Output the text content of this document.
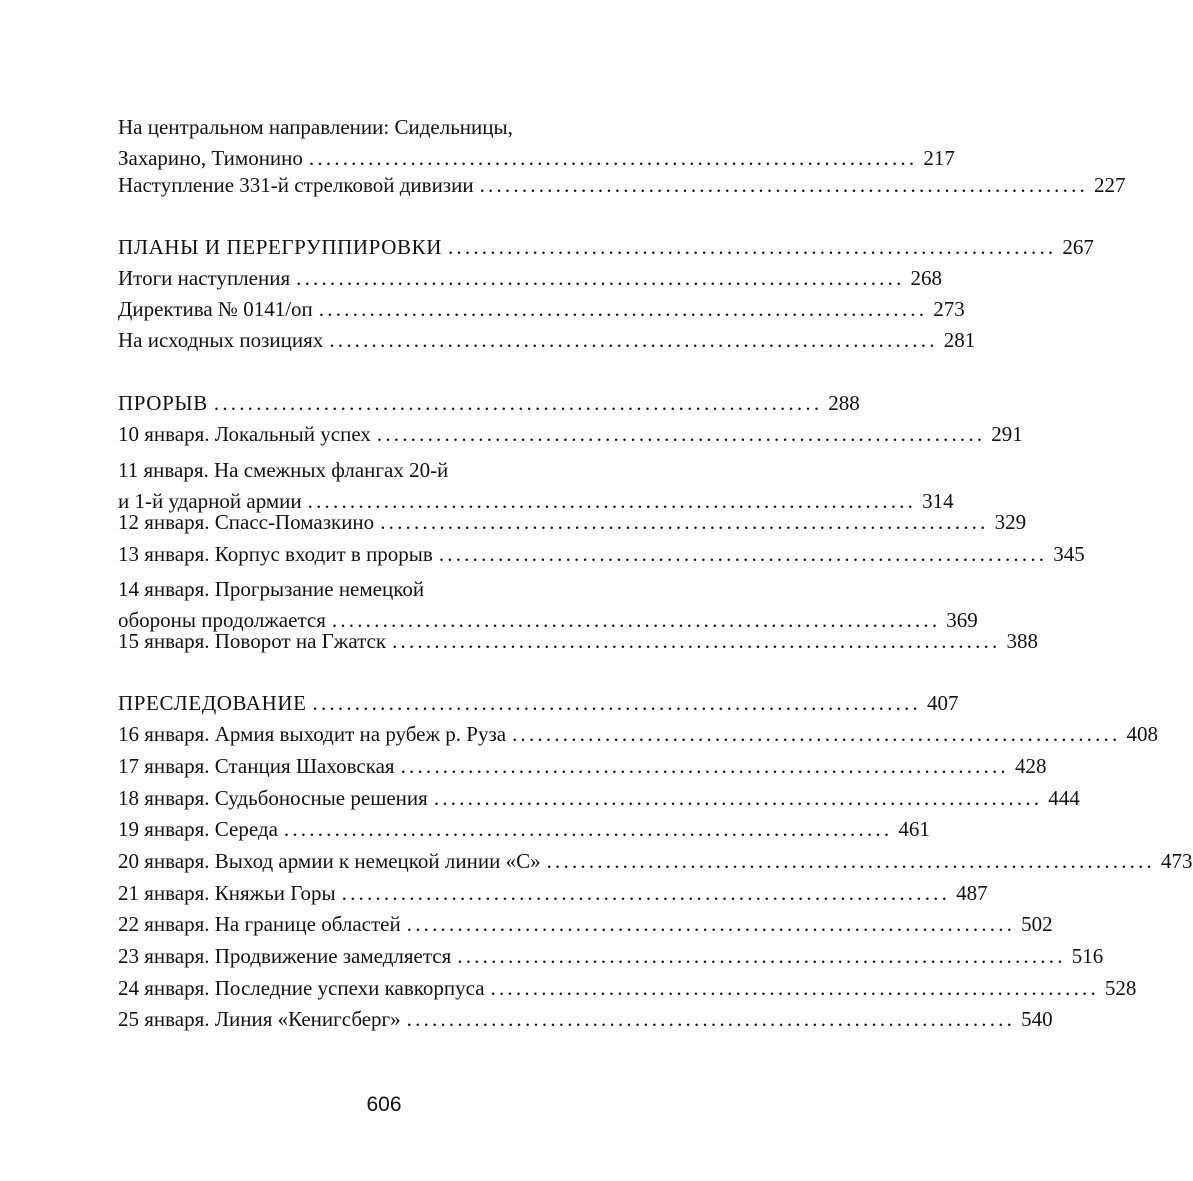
На центральном направлении: Сидельницы,
Захарино, Тимонино ........................................................................ 217
Наступление 331-й стрелковой дивизии ........................................................................ 227
ПЛАНЫ И ПЕРЕГРУППИРОВКИ ........................................................................ 267
Итоги наступления ........................................................................ 268
Директива № 0141/оп ........................................................................ 273
На исходных позициях ........................................................................ 281
ПРОРЫВ ........................................................................ 288
10 января. Локальный успех ........................................................................ 291
11 января. На смежных флангах 20-й
и 1-й ударной армии ........................................................................ 314
12 января. Спасс-Помазкино ........................................................................ 329
13 января. Корпус входит в прорыв ........................................................................ 345
14 января. Прогрызание немецкой
обороны продолжается ........................................................................ 369
15 января. Поворот на Гжатск ........................................................................ 388
ПРЕСЛЕДОВАНИЕ ........................................................................ 407
16 января. Армия выходит на рубеж р. Руза ........................................................................ 408
17 января. Станция Шаховская ........................................................................ 428
18 января. Судьбоносные решения ........................................................................ 444
19 января. Середа ........................................................................ 461
20 января. Выход армии к немецкой линии «С» ........................................................................ 473
21 января. Княжьи Горы ........................................................................ 487
22 января. На границе областей ........................................................................ 502
23 января. Продвижение замедляется ........................................................................ 516
24 января. Последние успехи кавкорпуса ........................................................................ 528
25 января. Линия «Кенигсберг» ........................................................................ 540
606
